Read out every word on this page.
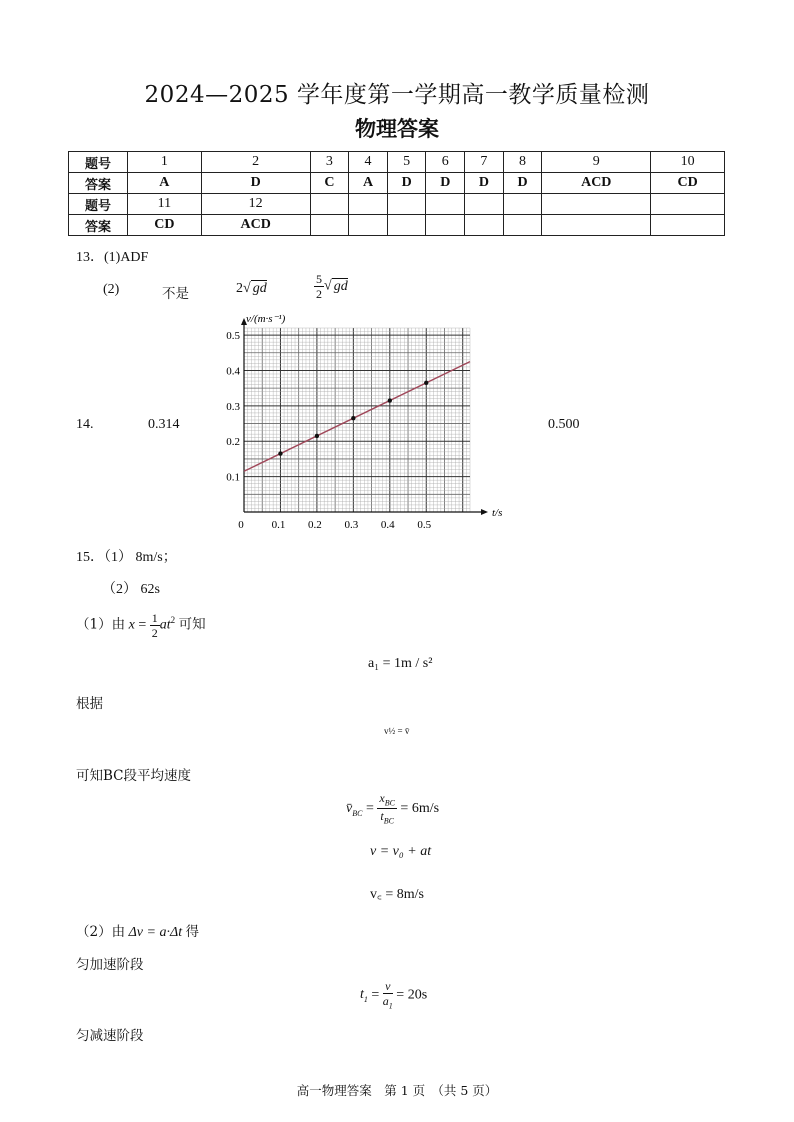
2024—2025 学年度第一学期高一教学质量检测
物理答案
题号	1	2	3	4	5	6	7	8	9	10
答案	A	D	C	A	D	D	D	D	ACD	CD
题号	11	12								
答案	CD	ACD								
13．(1)ADF
(2)	不是	2√ gd	$\frac{5}{2}$ √ gd
14.	0.314	0.500
0	0.1 0.2 0.3 0.4 0.5
0.1
0.2
0.3
0.4
0.5
v/(m·s⁻¹)
t/s
15．（1） 8m/s；
（2） 62s
（1）由 $x = \frac{1}{2} at^2$ 可知
a₁ = 1m / s²
根据
v½ = v̄
可知BC段平均速度
$v̄_{BC} = \frac{x_{BC}}{t_{BC}} = 6m/s$
v = v₀ + at
v꜀ = 8m/s
（2）由 Δv = a·Δt 得
匀加速阶段
$t_1 = \frac{v}{a_1} = 20s$
匀减速阶段
高一物理答案　第 1 页　（共 5 页）
